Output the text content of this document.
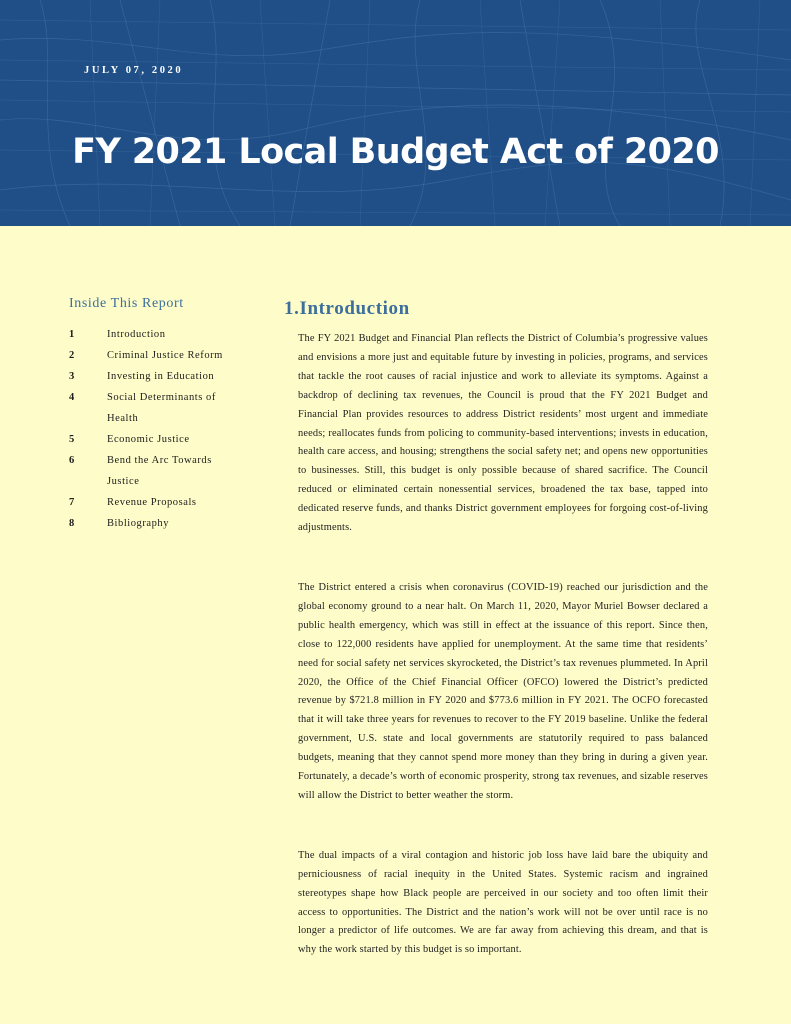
JULY 07, 2020
FY 2021 Local Budget Act of 2020
Inside This Report
1	Introduction
2	Criminal Justice Reform
3	Investing in Education
4	Social Determinants of Health
5	Economic Justice
6	Bend the Arc Towards Justice
7	Revenue Proposals
8	Bibliography
1.Introduction

The FY 2021 Budget and Financial Plan reflects the District of Columbia’s progressive values and envisions a more just and equitable future by investing in policies, programs, and services that tackle the root causes of racial injustice and work to alleviate its symptoms. Against a backdrop of declining tax revenues, the Council is proud that the FY 2021 Budget and Financial Plan provides resources to address District residents’ most urgent and immediate needs; reallocates funds from policing to community-based interventions; invests in education, health care access, and housing; strengthens the social safety net; and opens new opportunities to businesses. Still, this budget is only possible because of shared sacrifice. The Council reduced or eliminated certain nonessential services, broadened the tax base, tapped into dedicated reserve funds, and thanks District government employees for forgoing cost-of-living adjustments.

The District entered a crisis when coronavirus (COVID-19) reached our jurisdiction and the global economy ground to a near halt. On March 11, 2020, Mayor Muriel Bowser declared a public health emergency, which was still in effect at the issuance of this report. Since then, close to 122,000 residents have applied for unemployment. At the same time that residents’ need for social safety net services skyrocketed, the District’s tax revenues plummeted. In April 2020, the Office of the Chief Financial Officer (OFCO) lowered the District’s predicted revenue by $721.8 million in FY 2020 and $773.6 million in FY 2021. The OCFO forecasted that it will take three years for revenues to recover to the FY 2019 baseline. Unlike the federal government, U.S. state and local governments are statutorily required to pass balanced budgets, meaning that they cannot spend more money than they bring in during a given year. Fortunately, a decade’s worth of economic prosperity, strong tax revenues, and sizable reserves will allow the District to better weather the storm.

The dual impacts of a viral contagion and historic job loss have laid bare the ubiquity and perniciousness of racial inequity in the United States. Systemic racism and ingrained stereotypes shape how Black people are perceived in our society and too often limit their access to opportunities. The District and the nation’s work will not be over until race is no longer a predictor of life outcomes. We are far away from achieving this dream, and that is why the work started by this budget is so important.
